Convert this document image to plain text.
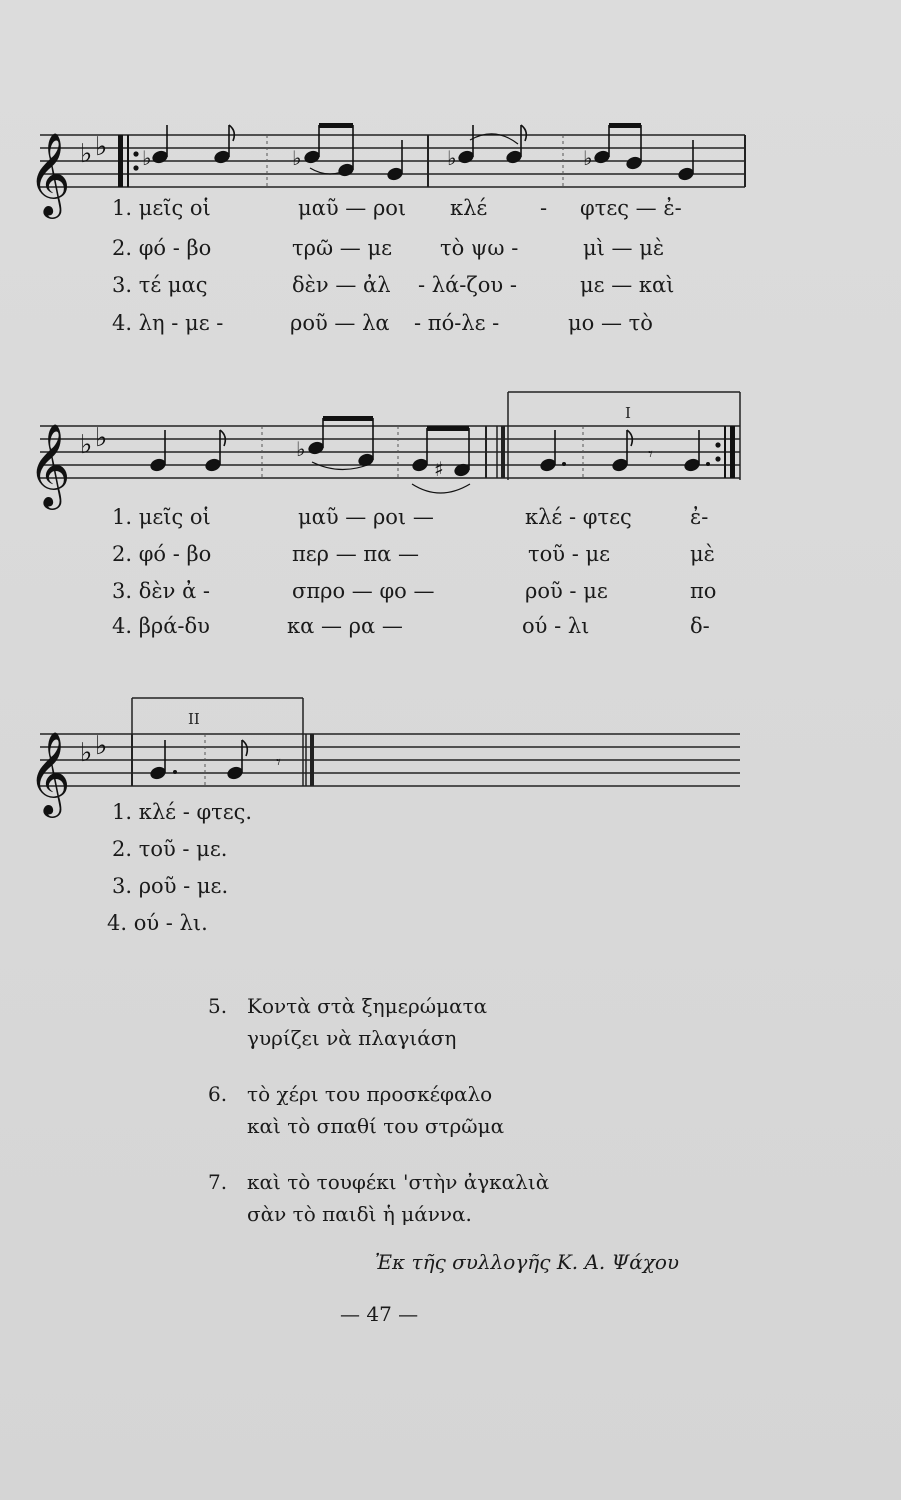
𝄞 ♭ ♭ ♭	♭	♭	♭
1. μεῖς οἱ	μαῦ — ροι κλέ	- φτες — ἐ-
2. φό - βο	τρῶ — με τὸ ψω -	μὶ — μὲ
3. τέ μας	δὲν — ἀλ - λά-ζου -	με — καὶ
4. λη - με -	ροῦ — λα - πό-λε -	μο — τὸ
I
𝄞 ♭ ♭	♭
♯
𝄾
1. μεῖς οἱ	μαῦ — ροι —	κλέ - φτες	ἐ-
2. φό - βο	περ — πα —	τοῦ - με	μὲ
3. δὲν ἀ -	σπρο — φο —	ροῦ - με	πο
4. βρά-δυ	κα — ρα —	ού - λι	δ-
II
𝄞 ♭ ♭
𝄾
1. κλέ - φτες.
2. τοῦ - με.
3. ροῦ - με.
4. ού - λι.
5. Κοντὰ στὰ ξημερώματα
γυρίζει νὰ πλαγιάση
6. τὸ χέρι του προσκέφαλο
καὶ τὸ σπαθί του στρῶμα
7. καὶ τὸ τουφέκι 'στὴν ἀγκαλιὰ
σὰν τὸ παιδὶ ἡ μάννα.
Ἐκ τῆς συλλογῆς Κ. Α. Ψάχου
— 47 —
